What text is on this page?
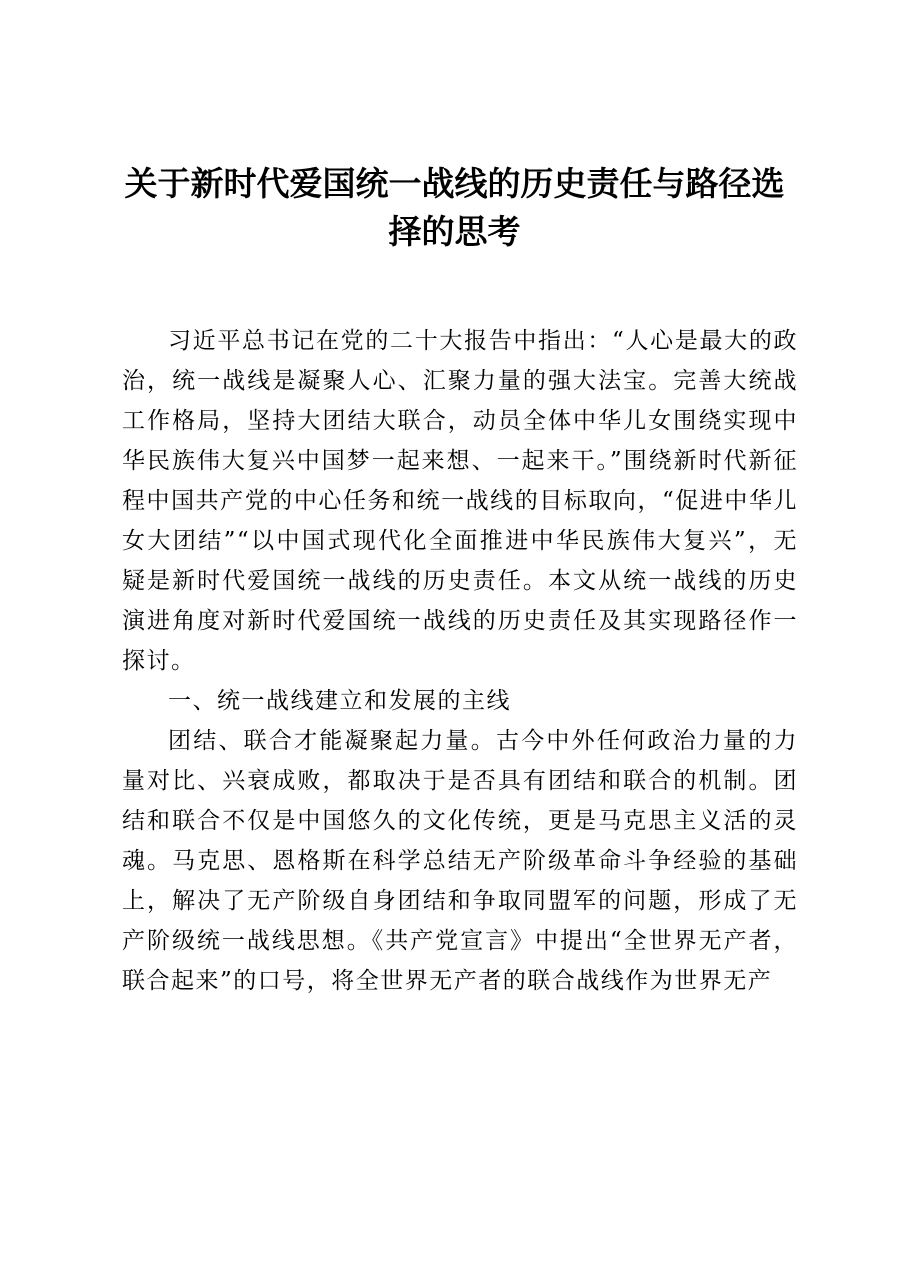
关于新时代爱国统一战线的历史责任与路径选
择的思考

习近平总书记在党的二十大报告中指出：“人心是最大的政治，统一战线是凝聚人心、汇聚力量的强大法宝。完善大统战工作格局，坚持大团结大联合，动员全体中华儿女围绕实现中华民族伟大复兴中国梦一起来想、一起来干。”围绕新时代新征程中国共产党的中心任务和统一战线的目标取向，“促进中华儿女大团结”“以中国式现代化全面推进中华民族伟大复兴”，无疑是新时代爱国统一战线的历史责任。本文从统一战线的历史演进角度对新时代爱国统一战线的历史责任及其实现路径作一探讨。

一、统一战线建立和发展的主线

团结、联合才能凝聚起力量。古今中外任何政治力量的力量对比、兴衰成败，都取决于是否具有团结和联合的机制。团结和联合不仅是中国悠久的文化传统，更是马克思主义活的灵魂。马克思、恩格斯在科学总结无产阶级革命斗争经验的基础上，解决了无产阶级自身团结和争取同盟军的问题，形成了无产阶级统一战线思想。《共产党宣言》中提出“全世界无产者，联合起来”的口号，将全世界无产者的联合战线作为世界无产
